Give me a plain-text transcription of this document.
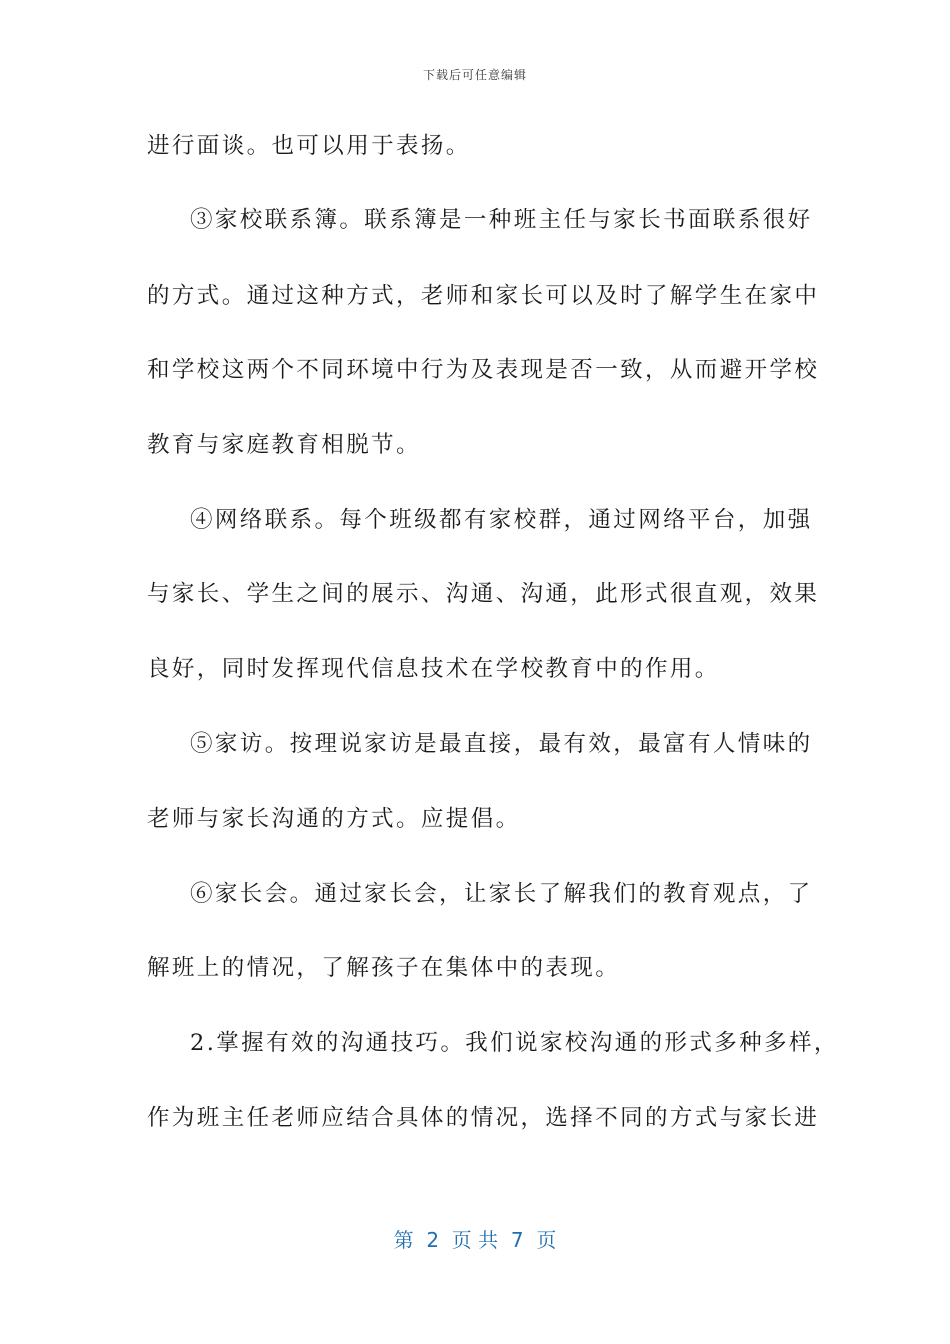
下载后可任意编辑
进行面谈。也可以用于表扬。
③家校联系簿。联系簿是一种班主任与家长书面联系很好
的方式。通过这种方式，老师和家长可以及时了解学生在家中
和学校这两个不同环境中行为及表现是否一致，从而避开学校
教育与家庭教育相脱节。
④网络联系。每个班级都有家校群，通过网络平台，加强
与家长、学生之间的展示、沟通、沟通，此形式很直观，效果
良好，同时发挥现代信息技术在学校教育中的作用。
⑤家访。按理说家访是最直接，最有效，最富有人情味的
老师与家长沟通的方式。应提倡。
⑥家长会。通过家长会，让家长了解我们的教育观点，了
解班上的情况，了解孩子在集体中的表现。
2.掌握有效的沟通技巧。我们说家校沟通的形式多种多样，
作为班主任老师应结合具体的情况，选择不同的方式与家长进
第  2  页 共  7  页
